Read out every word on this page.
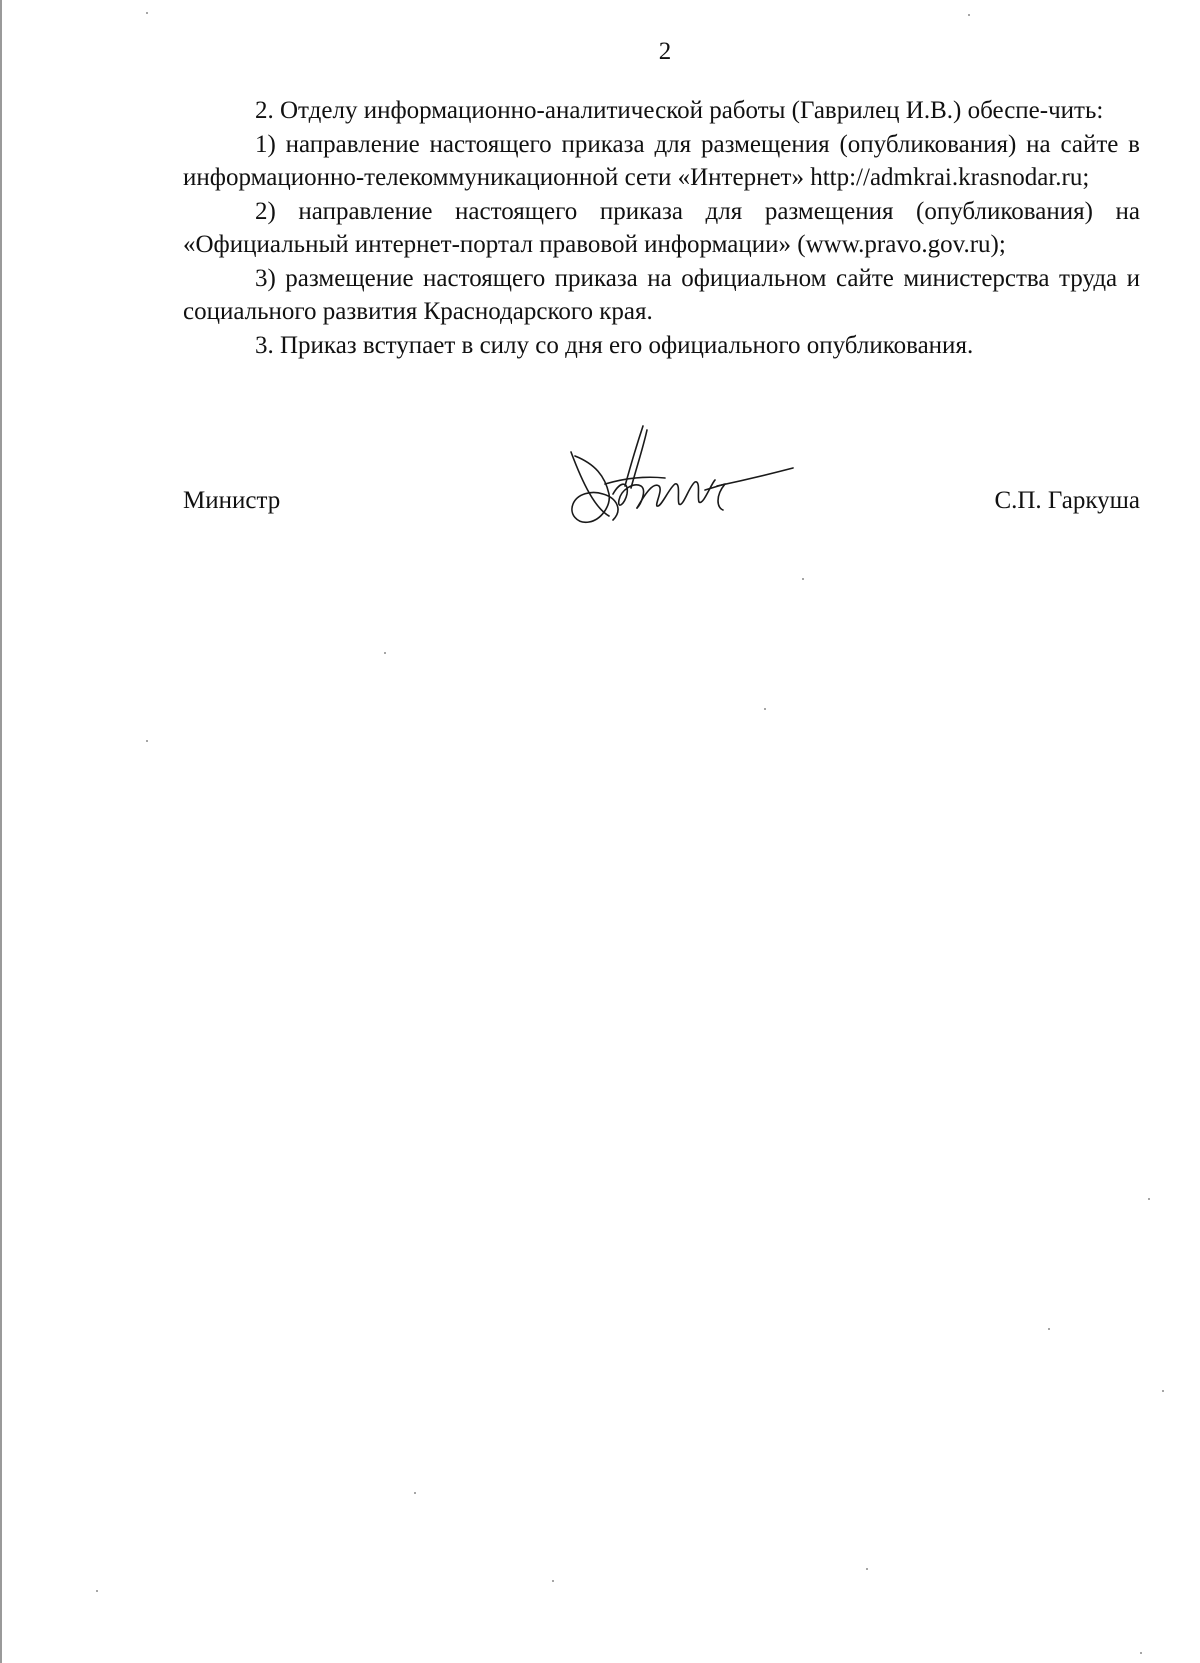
2

2. Отделу информационно-аналитической работы (Гаврилец И.В.) обеспе-чить:

1) направление настоящего приказа для размещения (опубликования) на сайте в информационно-телекоммуникационной сети «Интернет» http://admkrai.krasnodar.ru;

2) направление настоящего приказа для размещения (опубликования) на «Официальный интернет-портал правовой информации» (www.pravo.gov.ru);

3) размещение настоящего приказа на официальном сайте министерства труда и социального развития Краснодарского края.

3. Приказ вступает в силу со дня его официального опубликования.

Министр	С.П. Гаркуша
